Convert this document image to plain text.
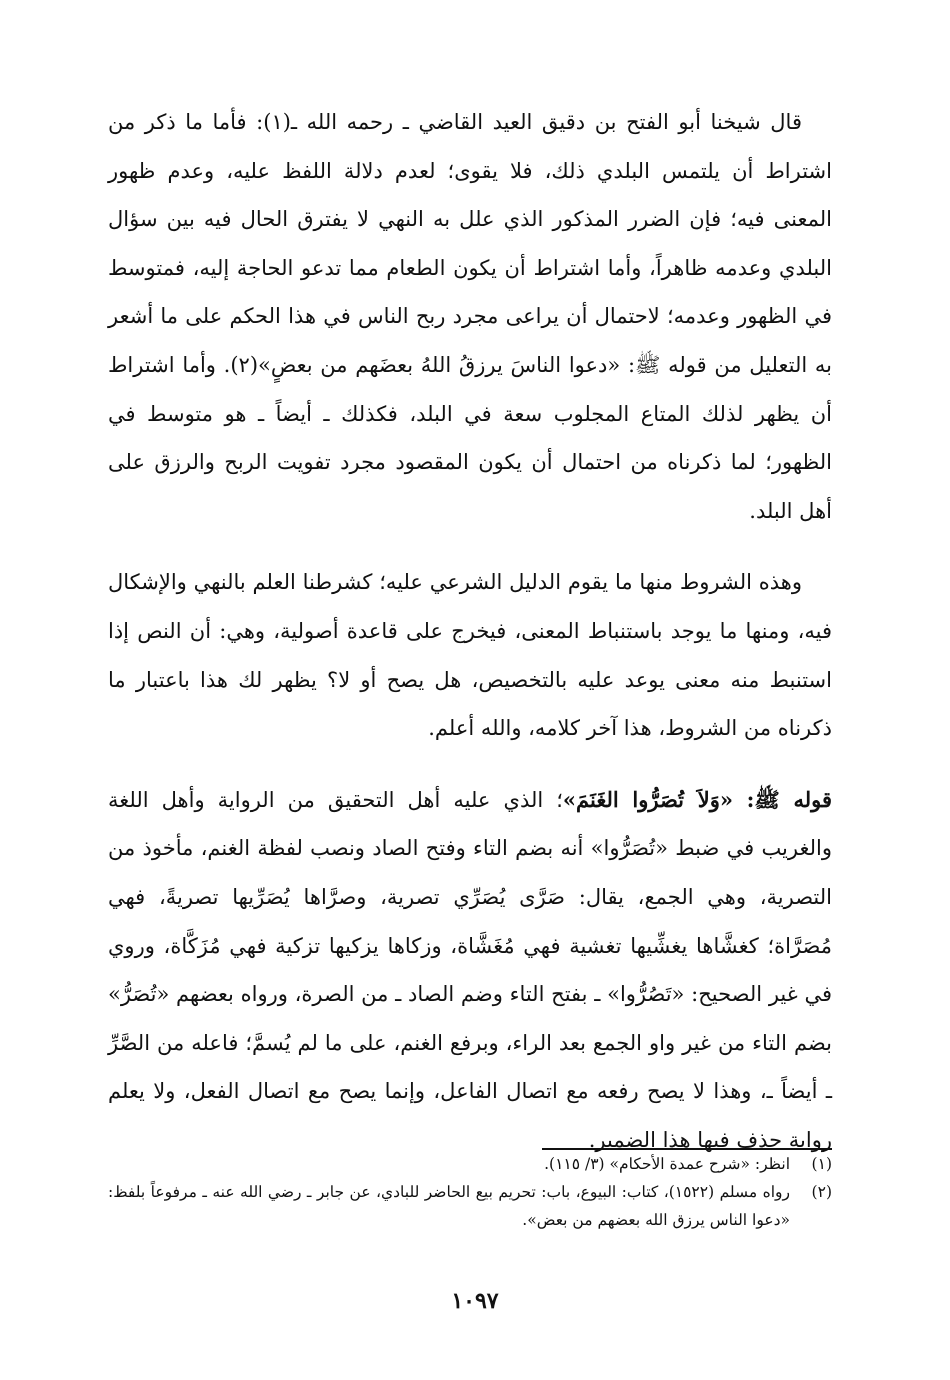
قال شيخنا أبو الفتح بن دقيق العيد القاضي ـ رحمه الله ـ(١): فأما ما ذكر من اشتراط أن يلتمس البلدي ذلك، فلا يقوى؛ لعدم دلالة اللفظ عليه، وعدم ظهور المعنى فيه؛ فإن الضرر المذكور الذي علل به النهي لا يفترق الحال فيه بين سؤال البلدي وعدمه ظاهراً، وأما اشتراط أن يكون الطعام مما تدعو الحاجة إليه، فمتوسط في الظهور وعدمه؛ لاحتمال أن يراعى مجرد ربح الناس في هذا الحكم على ما أشعر به التعليل من قوله ﷺ: «دعوا الناسَ يرزقُ اللهُ بعضَهم من بعضٍ»(٢). وأما اشتراط أن يظهر لذلك المتاع المجلوب سعة في البلد، فكذلك ـ أيضاً ـ هو متوسط في الظهور؛ لما ذكرناه من احتمال أن يكون المقصود مجرد تفويت الربح والرزق على أهل البلد.

وهذه الشروط منها ما يقوم الدليل الشرعي عليه؛ كشرطنا العلم بالنهي والإشكال فيه، ومنها ما يوجد باستنباط المعنى، فيخرج على قاعدة أصولية، وهي: أن النص إذا استنبط منه معنى يوعد عليه بالتخصيص، هل يصح أو لا؟ يظهر لك هذا باعتبار ما ذكرناه من الشروط، هذا آخر كلامه، والله أعلم.

قوله ﷺ: «وَلاَ تُصَرُّوا الغَنَمَ»؛ الذي عليه أهل التحقيق من الرواية وأهل اللغة والغريب في ضبط «تُصَرُّوا» أنه بضم التاء وفتح الصاد ونصب لفظة الغنم، مأخوذ من التصرية، وهي الجمع، يقال: صَرَّى يُصَرِّي تصرية، وصرَّاها يُصَرِّيها تصريةً، فهي مُصَرَّاة؛ كغشَّاها يغشِّيها تغشية فهي مُغَشَّاة، وزكاها يزكيها تزكية فهي مُزَكَّاة، وروي في غير الصحيح: «تَصُرُّوا» ـ بفتح التاء وضم الصاد ـ من الصرة، ورواه بعضهم «تُصَرُّ» بضم التاء من غير واو الجمع بعد الراء، وبرفع الغنم، على ما لم يُسمَّ؛ فاعله من الصَّرِّ ـ أيضاً ـ، وهذا لا يصح رفعه مع اتصال الفاعل، وإنما يصح مع اتصال الفعل، ولا يعلم رواية حذف فيها هذا الضمير.

(١)
انظر: «شرح عمدة الأحكام» (٣/ ١١٥).
(٢)
رواه مسلم (١٥٢٢)، كتاب: البيوع، باب: تحريم بيع الحاضر للبادي، عن جابر ـ رضي الله عنه ـ مرفوعاً بلفظ: «دعوا الناس يرزق الله بعضهم من بعض».
١٠٩٧
